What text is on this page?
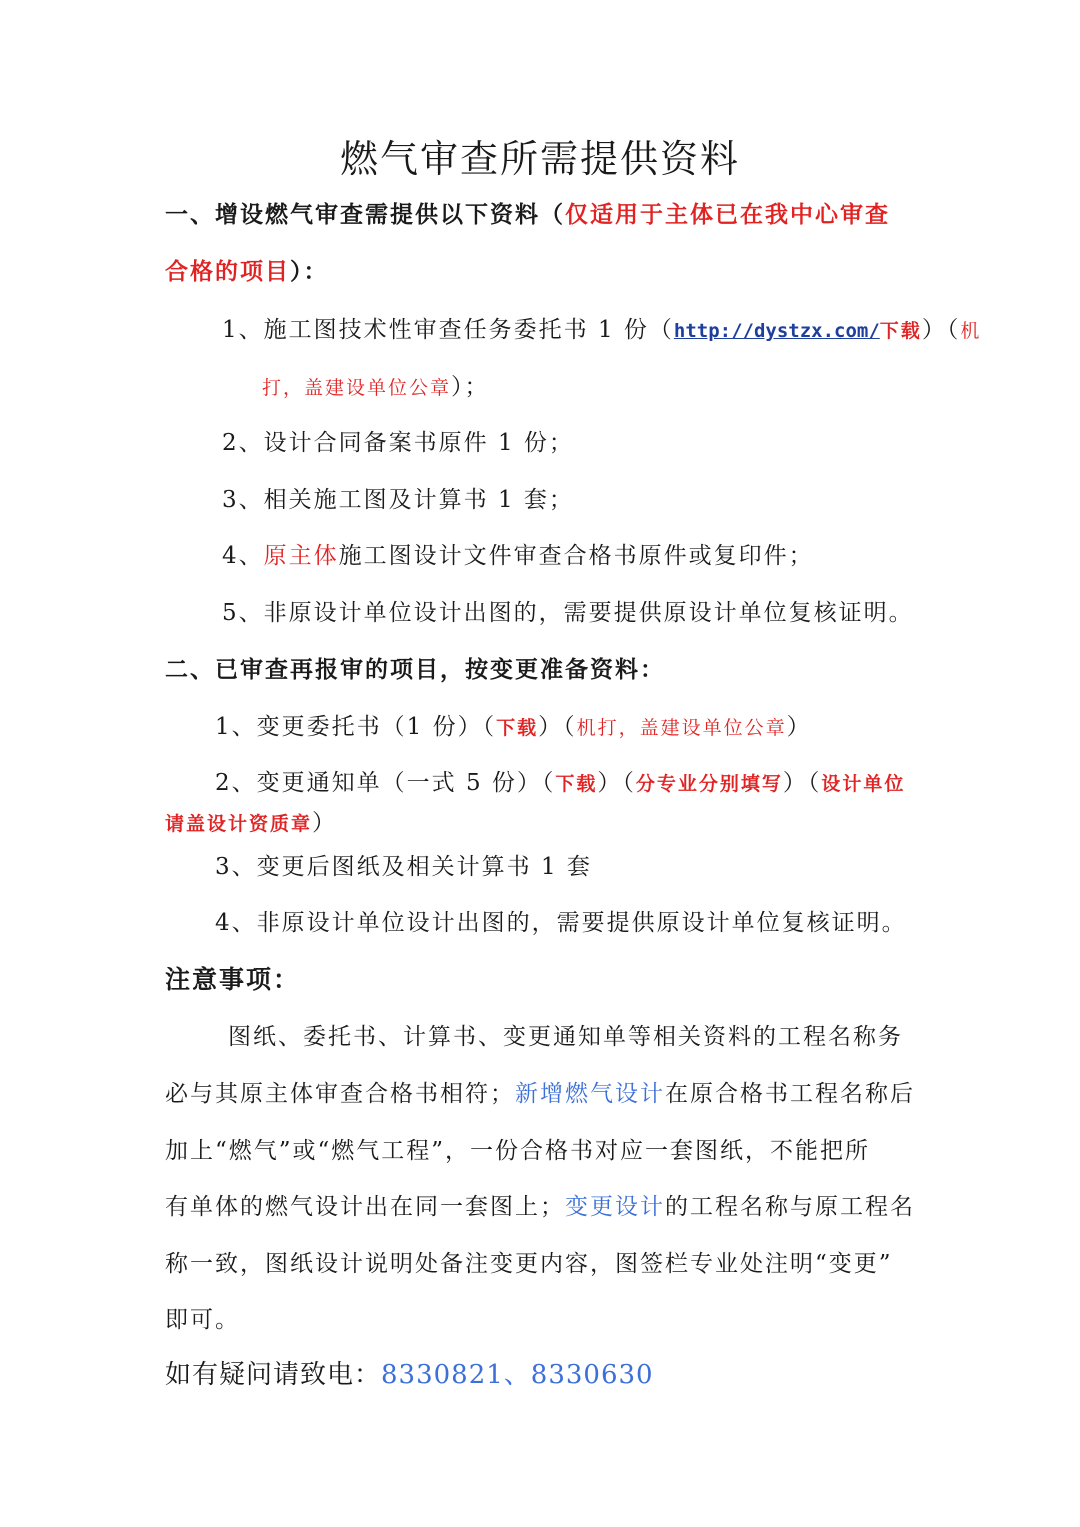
燃气审查所需提供资料
一、增设燃气审查需提供以下资料（仅适用于主体已在我中心审查
合格的项目）：
1、施工图技术性审查任务委托书 1 份（http://dystzx.com/下载）（机
打，盖建设单位公章）；
2、设计合同备案书原件 1 份；
3、相关施工图及计算书 1 套；
4、原主体施工图设计文件审查合格书原件或复印件；
5、非原设计单位设计出图的，需要提供原设计单位复核证明。
二、已审查再报审的项目，按变更准备资料：
1、变更委托书（1 份）（下载）（机打，盖建设单位公章）
2、变更通知单（一式 5 份）（下载）（分专业分别填写）（设计单位
请盖设计资质章）
3、变更后图纸及相关计算书 1 套
4、非原设计单位设计出图的，需要提供原设计单位复核证明。
注意事项：
图纸、委托书、计算书、变更通知单等相关资料的工程名称务
必与其原主体审查合格书相符；新增燃气设计在原合格书工程名称后
加上“燃气”或“燃气工程”，一份合格书对应一套图纸，不能把所
有单体的燃气设计出在同一套图上；变更设计的工程名称与原工程名
称一致，图纸设计说明处备注变更内容，图签栏专业处注明“变更”
即可。
如有疑问请致电：8330821、8330630
